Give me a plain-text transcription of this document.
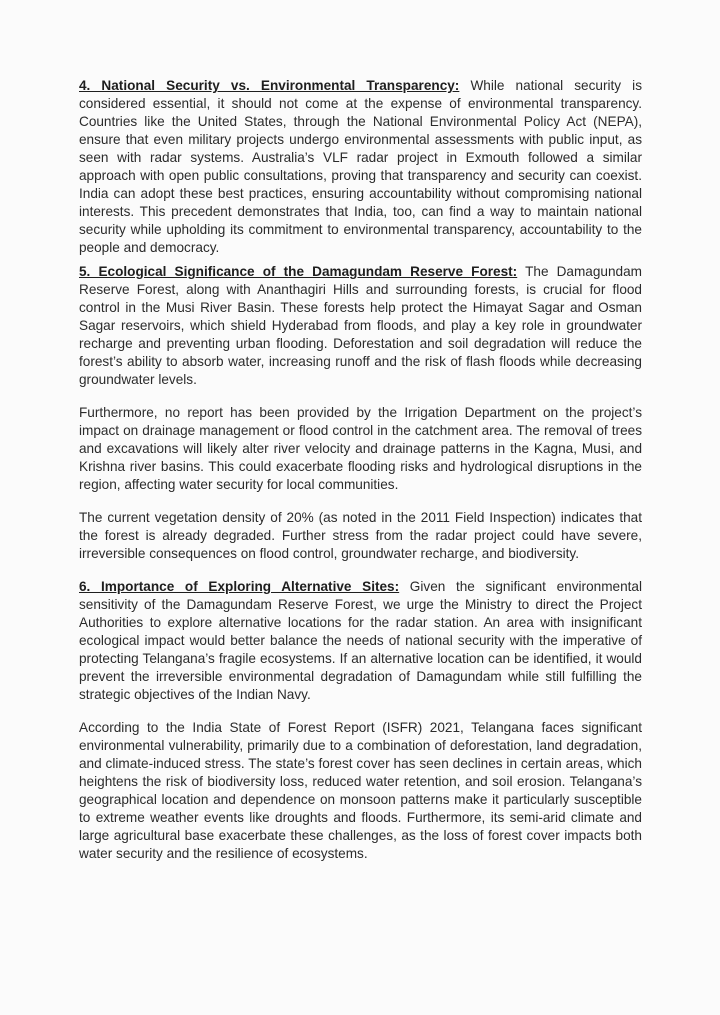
4. National Security vs. Environmental Transparency: While national security is considered essential, it should not come at the expense of environmental transparency. Countries like the United States, through the National Environmental Policy Act (NEPA), ensure that even military projects undergo environmental assessments with public input, as seen with radar systems. Australia’s VLF radar project in Exmouth followed a similar approach with open public consultations, proving that transparency and security can coexist. India can adopt these best practices, ensuring accountability without compromising national interests. This precedent demonstrates that India, too, can find a way to maintain national security while upholding its commitment to environmental transparency, accountability to the people and democracy.

5. Ecological Significance of the Damagundam Reserve Forest: The Damagundam Reserve Forest, along with Ananthagiri Hills and surrounding forests, is crucial for flood control in the Musi River Basin. These forests help protect the Himayat Sagar and Osman Sagar reservoirs, which shield Hyderabad from floods, and play a key role in groundwater recharge and preventing urban flooding. Deforestation and soil degradation will reduce the forest’s ability to absorb water, increasing runoff and the risk of flash floods while decreasing groundwater levels.

Furthermore, no report has been provided by the Irrigation Department on the project’s impact on drainage management or flood control in the catchment area. The removal of trees and excavations will likely alter river velocity and drainage patterns in the Kagna, Musi, and Krishna river basins. This could exacerbate flooding risks and hydrological disruptions in the region, affecting water security for local communities.

The current vegetation density of 20% (as noted in the 2011 Field Inspection) indicates that the forest is already degraded. Further stress from the radar project could have severe, irreversible consequences on flood control, groundwater recharge, and biodiversity.

6. Importance of Exploring Alternative Sites: Given the significant environmental sensitivity of the Damagundam Reserve Forest, we urge the Ministry to direct the Project Authorities to explore alternative locations for the radar station. An area with insignificant ecological impact would better balance the needs of national security with the imperative of protecting Telangana’s fragile ecosystems. If an alternative location can be identified, it would prevent the irreversible environmental degradation of Damagundam while still fulfilling the strategic objectives of the Indian Navy.

According to the India State of Forest Report (ISFR) 2021, Telangana faces significant environmental vulnerability, primarily due to a combination of deforestation, land degradation, and climate-induced stress. The state’s forest cover has seen declines in certain areas, which heightens the risk of biodiversity loss, reduced water retention, and soil erosion. Telangana’s geographical location and dependence on monsoon patterns make it particularly susceptible to extreme weather events like droughts and floods. Furthermore, its semi-arid climate and large agricultural base exacerbate these challenges, as the loss of forest cover impacts both water security and the resilience of ecosystems.
